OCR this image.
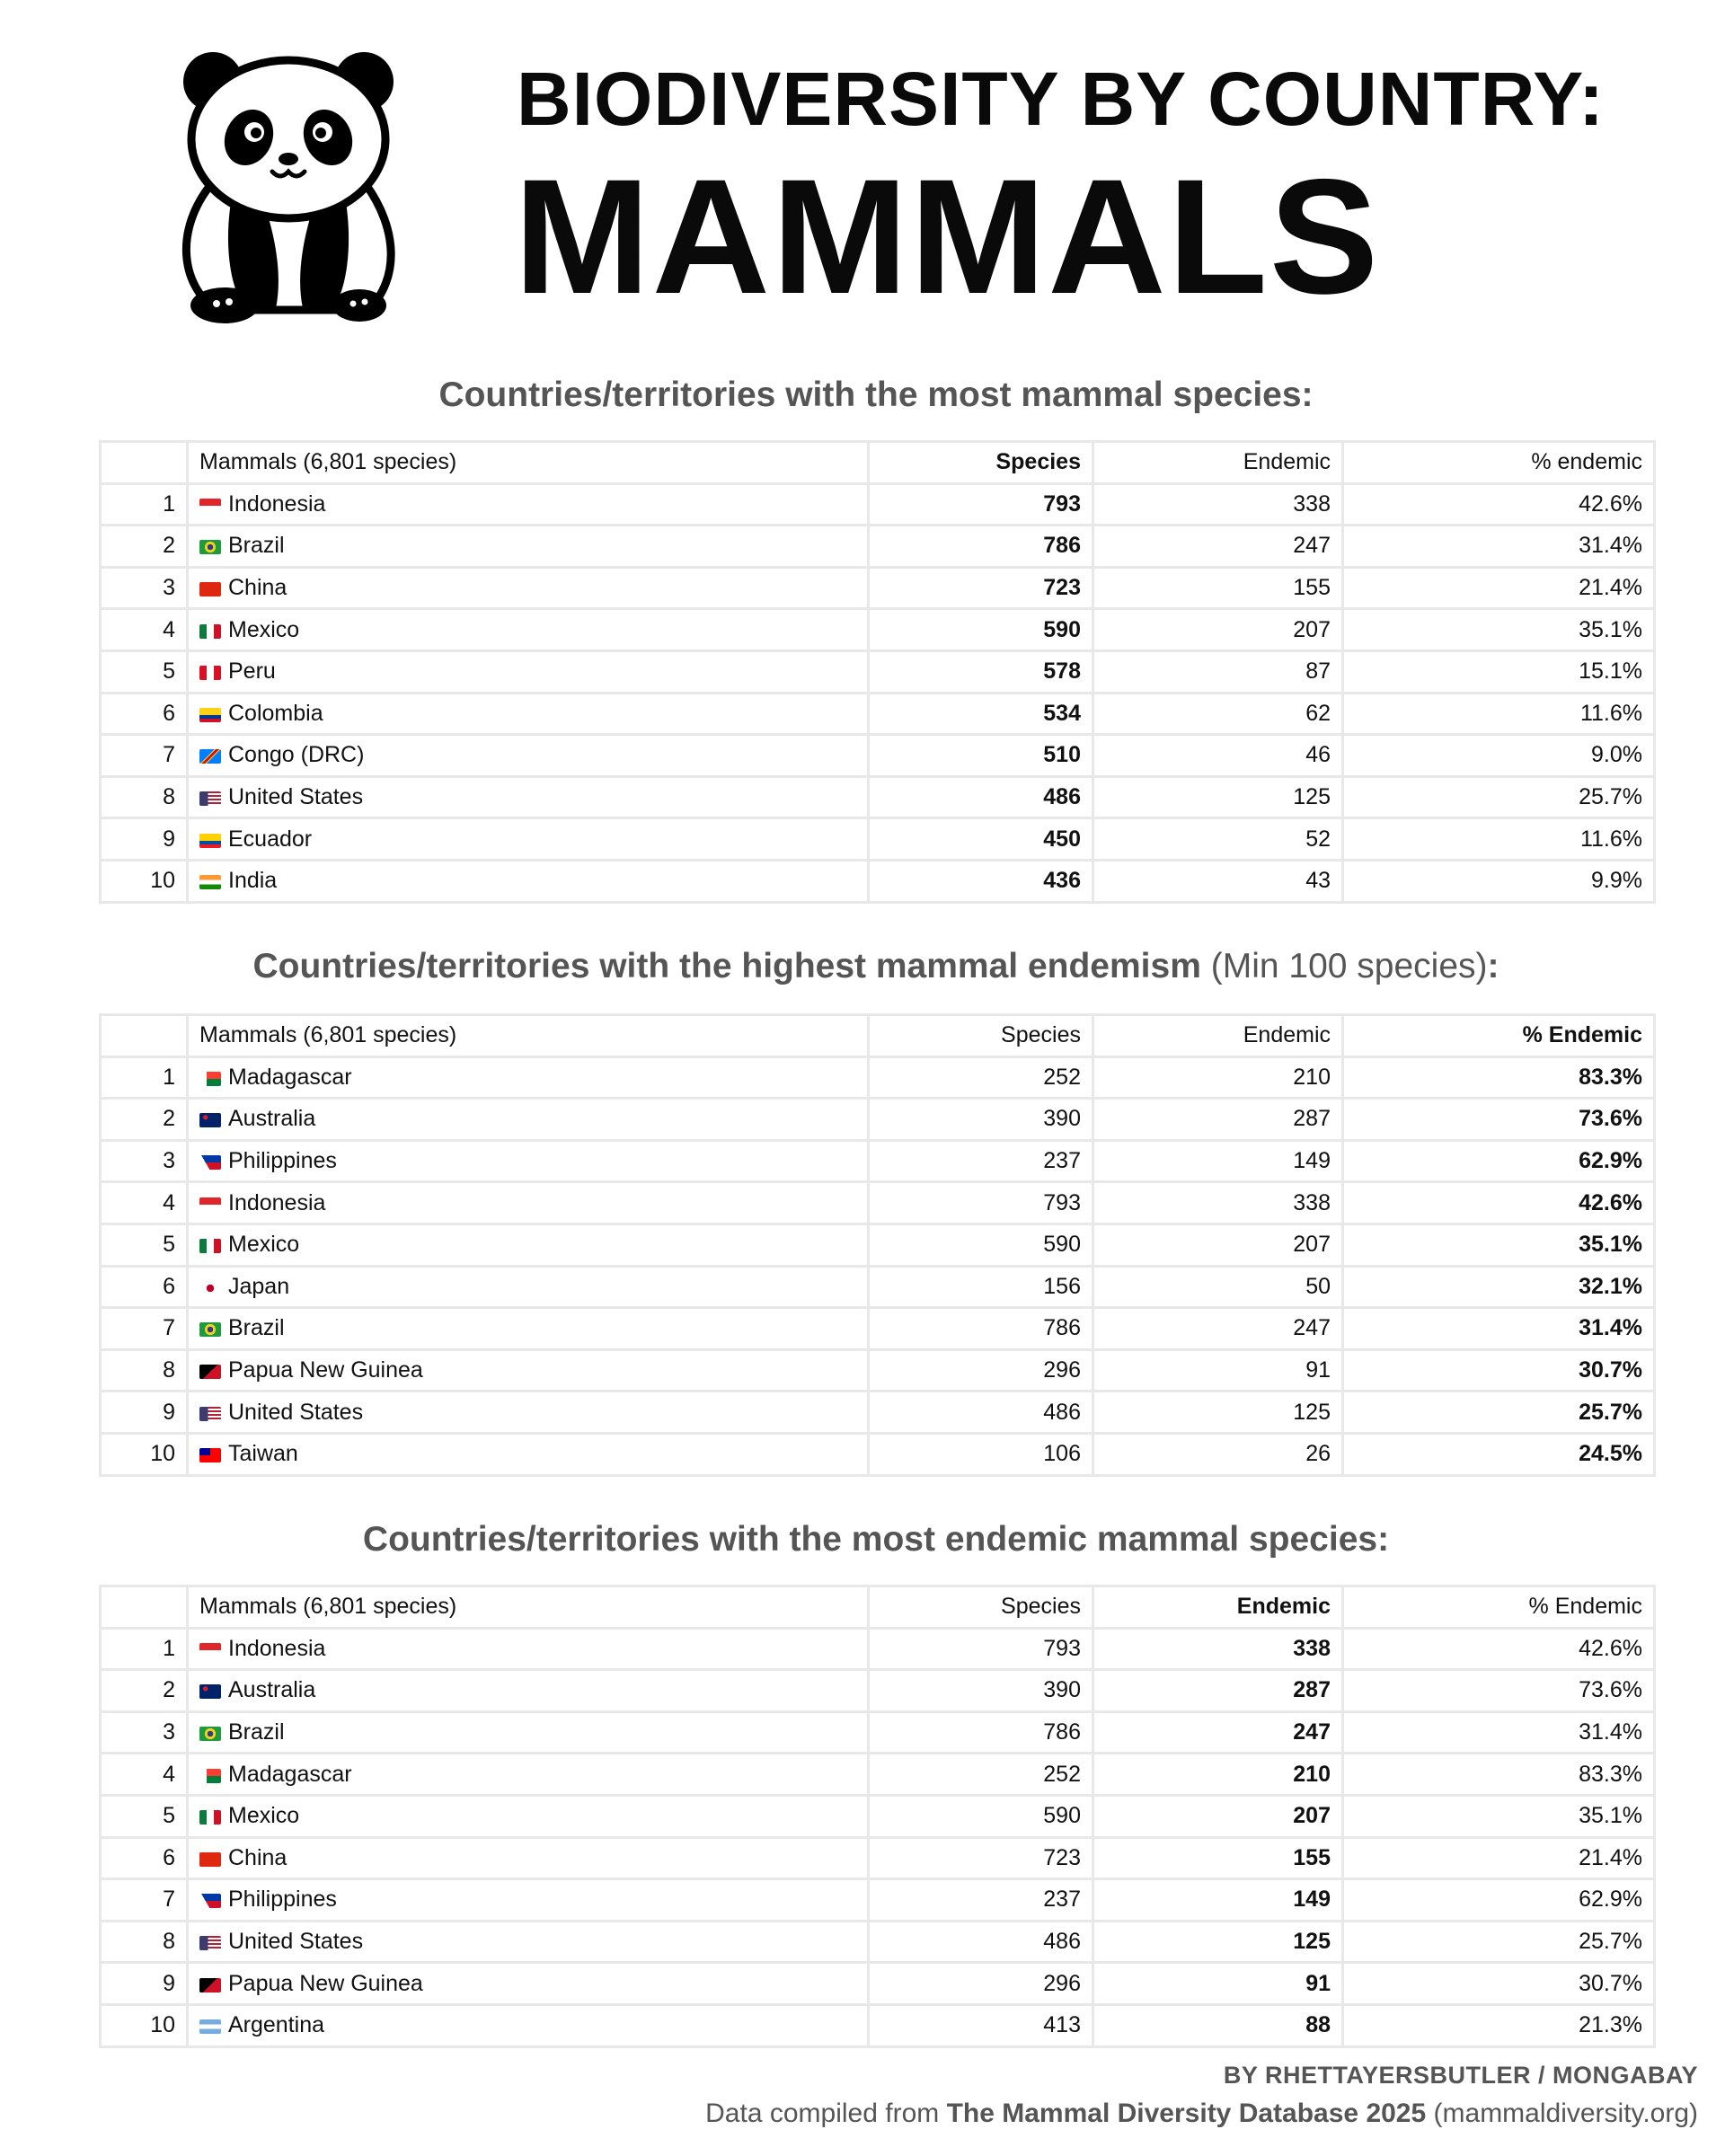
BIODIVERSITY BY COUNTRY:
MAMMALS
Countries/territories with the most mammal species:
	Mammals (6,801 species)	Species	Endemic	% endemic
1	Indonesia	793	338	42.6%
2	Brazil	786	247	31.4%
3	China	723	155	21.4%
4	Mexico	590	207	35.1%
5	Peru	578	87	15.1%
6	Colombia	534	62	11.6%
7	Congo (DRC)	510	46	9.0%
8	United States	486	125	25.7%
9	Ecuador	450	52	11.6%
10	India	436	43	9.9%
Countries/territories with the highest mammal endemism (Min 100 species):
	Mammals (6,801 species)	Species	Endemic	% Endemic
1	Madagascar	252	210	83.3%
2	Australia	390	287	73.6%
3	Philippines	237	149	62.9%
4	Indonesia	793	338	42.6%
5	Mexico	590	207	35.1%
6	Japan	156	50	32.1%
7	Brazil	786	247	31.4%
8	Papua New Guinea	296	91	30.7%
9	United States	486	125	25.7%
10	Taiwan	106	26	24.5%
Countries/territories with the most endemic mammal species:
	Mammals (6,801 species)	Species	Endemic	% Endemic
1	Indonesia	793	338	42.6%
2	Australia	390	287	73.6%
3	Brazil	786	247	31.4%
4	Madagascar	252	210	83.3%
5	Mexico	590	207	35.1%
6	China	723	155	21.4%
7	Philippines	237	149	62.9%
8	United States	486	125	25.7%
9	Papua New Guinea	296	91	30.7%
10	Argentina	413	88	21.3%
BY RHETTAYERSBUTLER / MONGABAY
Data compiled from The Mammal Diversity Database 2025 (mammaldiversity.org)
